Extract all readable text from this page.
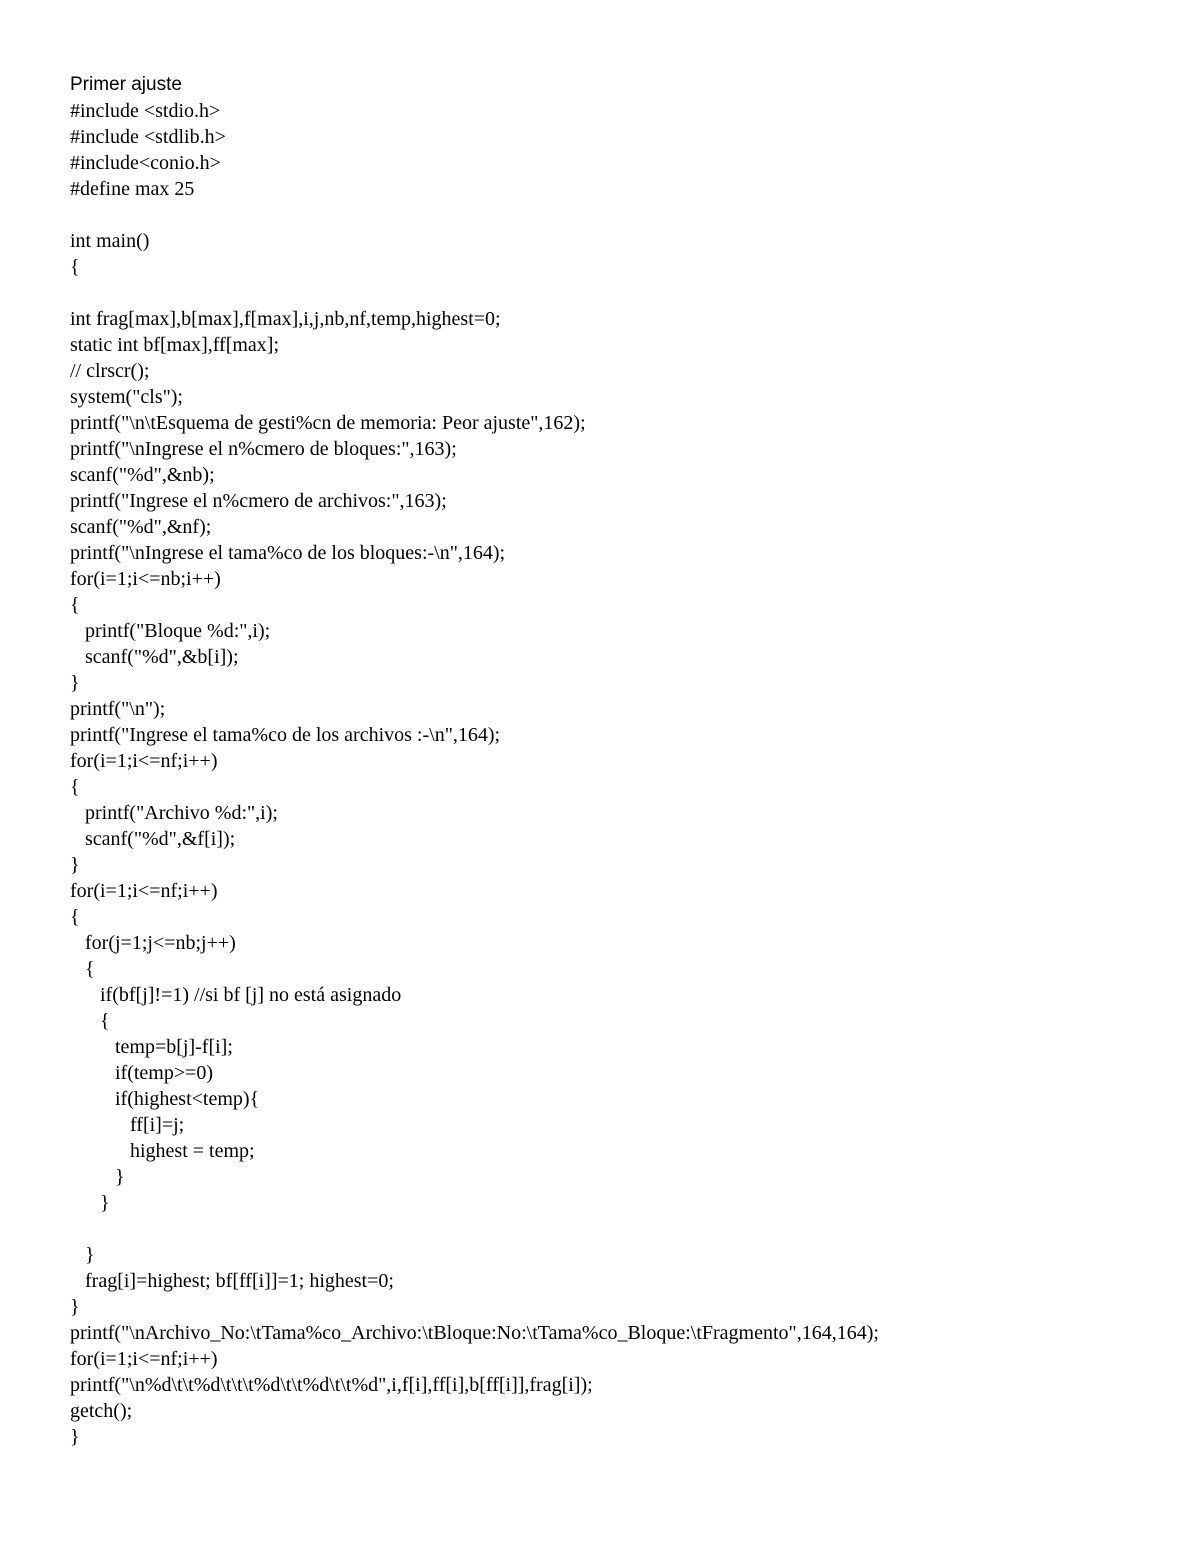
Primer ajuste
#include <stdio.h>
#include <stdlib.h>
#include<conio.h>
#define max 25
int main()
{
int frag[max],b[max],f[max],i,j,nb,nf,temp,highest=0;
static int bf[max],ff[max];
// clrscr();
system("cls");
printf("\n\tEsquema de gesti%cn de memoria: Peor ajuste",162);
printf("\nIngrese el n%cmero de bloques:",163);
scanf("%d",&nb);
printf("Ingrese el n%cmero de archivos:",163);
scanf("%d",&nf);
printf("\nIngrese el tama%co de los bloques:-\n",164);
for(i=1;i<=nb;i++)
{
printf("Bloque %d:",i);
scanf("%d",&b[i]);
}
printf("\n");
printf("Ingrese el tama%co de los archivos :-\n",164);
for(i=1;i<=nf;i++)
{
printf("Archivo %d:",i);
scanf("%d",&f[i]);
}
for(i=1;i<=nf;i++)
{
for(j=1;j<=nb;j++)
{
if(bf[j]!=1) //si bf [j] no está asignado
{
temp=b[j]-f[i];
if(temp>=0)
if(highest<temp){
ff[i]=j;
highest = temp;
}
}
}
frag[i]=highest; bf[ff[i]]=1; highest=0;
}
printf("\nArchivo_No:\tTama%co_Archivo:\tBloque:No:\tTama%co_Bloque:\tFragmento",164,164);
for(i=1;i<=nf;i++)
printf("\n%d\t\t%d\t\t\t%d\t\t%d\t\t%d",i,f[i],ff[i],b[ff[i]],frag[i]);
getch();
}
